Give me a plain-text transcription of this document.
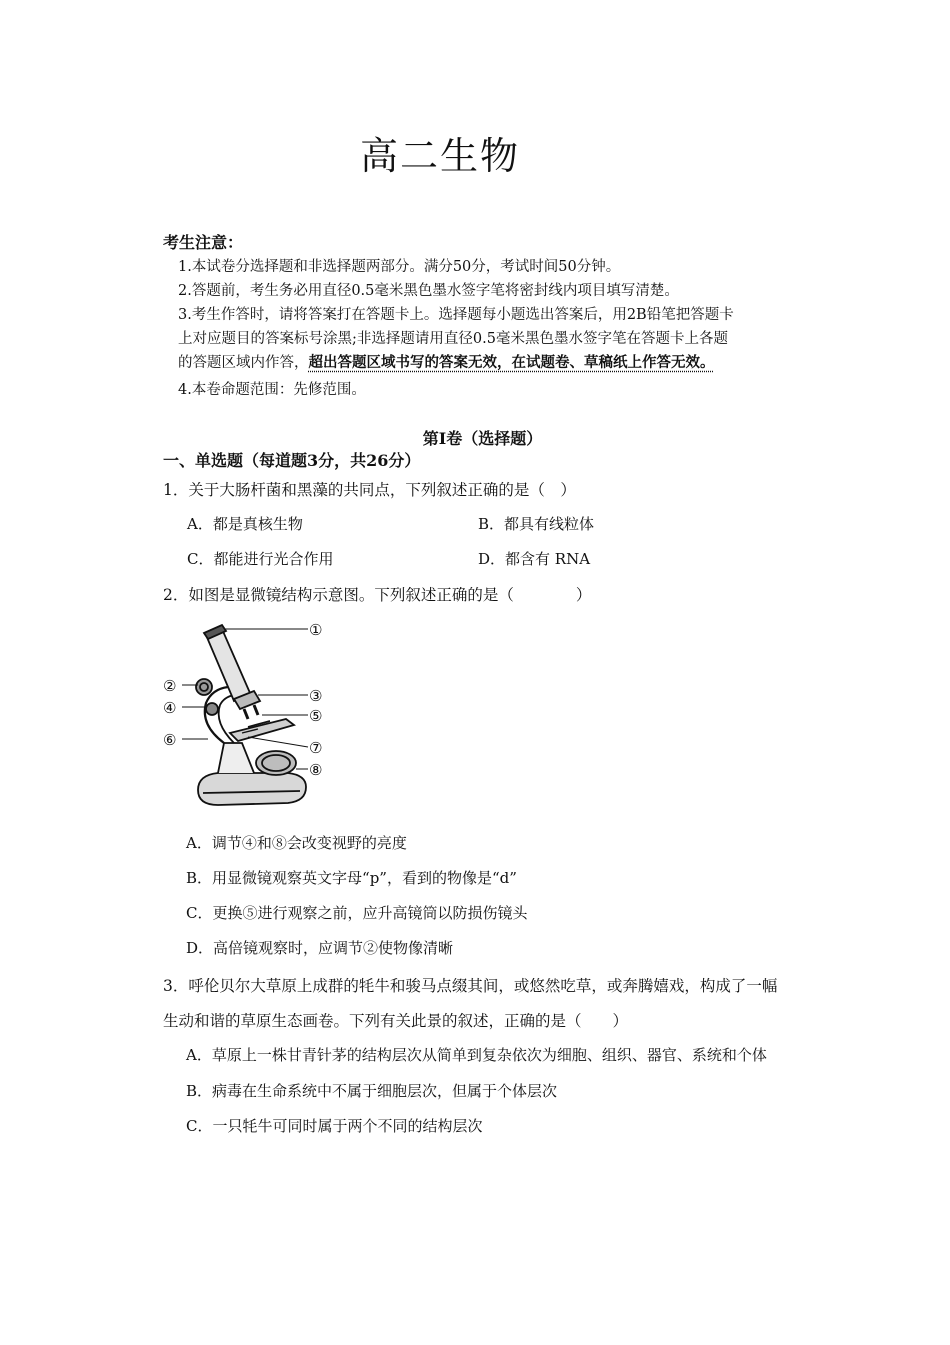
高二生物
考生注意：
1.本试卷分选择题和非选择题两部分。满分50分，考试时间50分钟。
2.答题前，考生务必用直径0.5毫米黑色墨水签字笔将密封线内项目填写清楚。
3.考生作答时，请将答案打在答题卡上。选择题每小题选出答案后，用2B铅笔把答题卡
上对应题目的答案标号涂黑;非选择题请用直径0.5毫米黑色墨水签字笔在答题卡上各题
的答题区域内作答，超出答题区域书写的答案无效，在试题卷、草稿纸上作答无效。
4.本卷命题范围：先修范围。
第Ⅰ卷（选择题）
一、单选题（每道题3分，共26分）
1．关于大肠杆菌和黑藻的共同点，下列叙述正确的是（　）
A．都是真核生物	B．都具有线粒体
C．都能进行光合作用	D．都含有 RNA
2．如图是显微镜结构示意图。下列叙述正确的是（　　　　）
①
②
③
④	⑤
⑥	⑦
⑧
A．调节④和⑧会改变视野的亮度
B．用显微镜观察英文字母“p”，看到的物像是“d”
C．更换⑤进行观察之前，应升高镜筒以防损伤镜头
D．高倍镜观察时，应调节②使物像清晰
3．呼伦贝尔大草原上成群的牦牛和骏马点缀其间，或悠然吃草，或奔腾嬉戏，构成了一幅
生动和谐的草原生态画卷。下列有关此景的叙述，正确的是（　　）
A．草原上一株甘青针茅的结构层次从简单到复杂依次为细胞、组织、器官、系统和个体
B．病毒在生命系统中不属于细胞层次，但属于个体层次
C．一只牦牛可同时属于两个不同的结构层次
